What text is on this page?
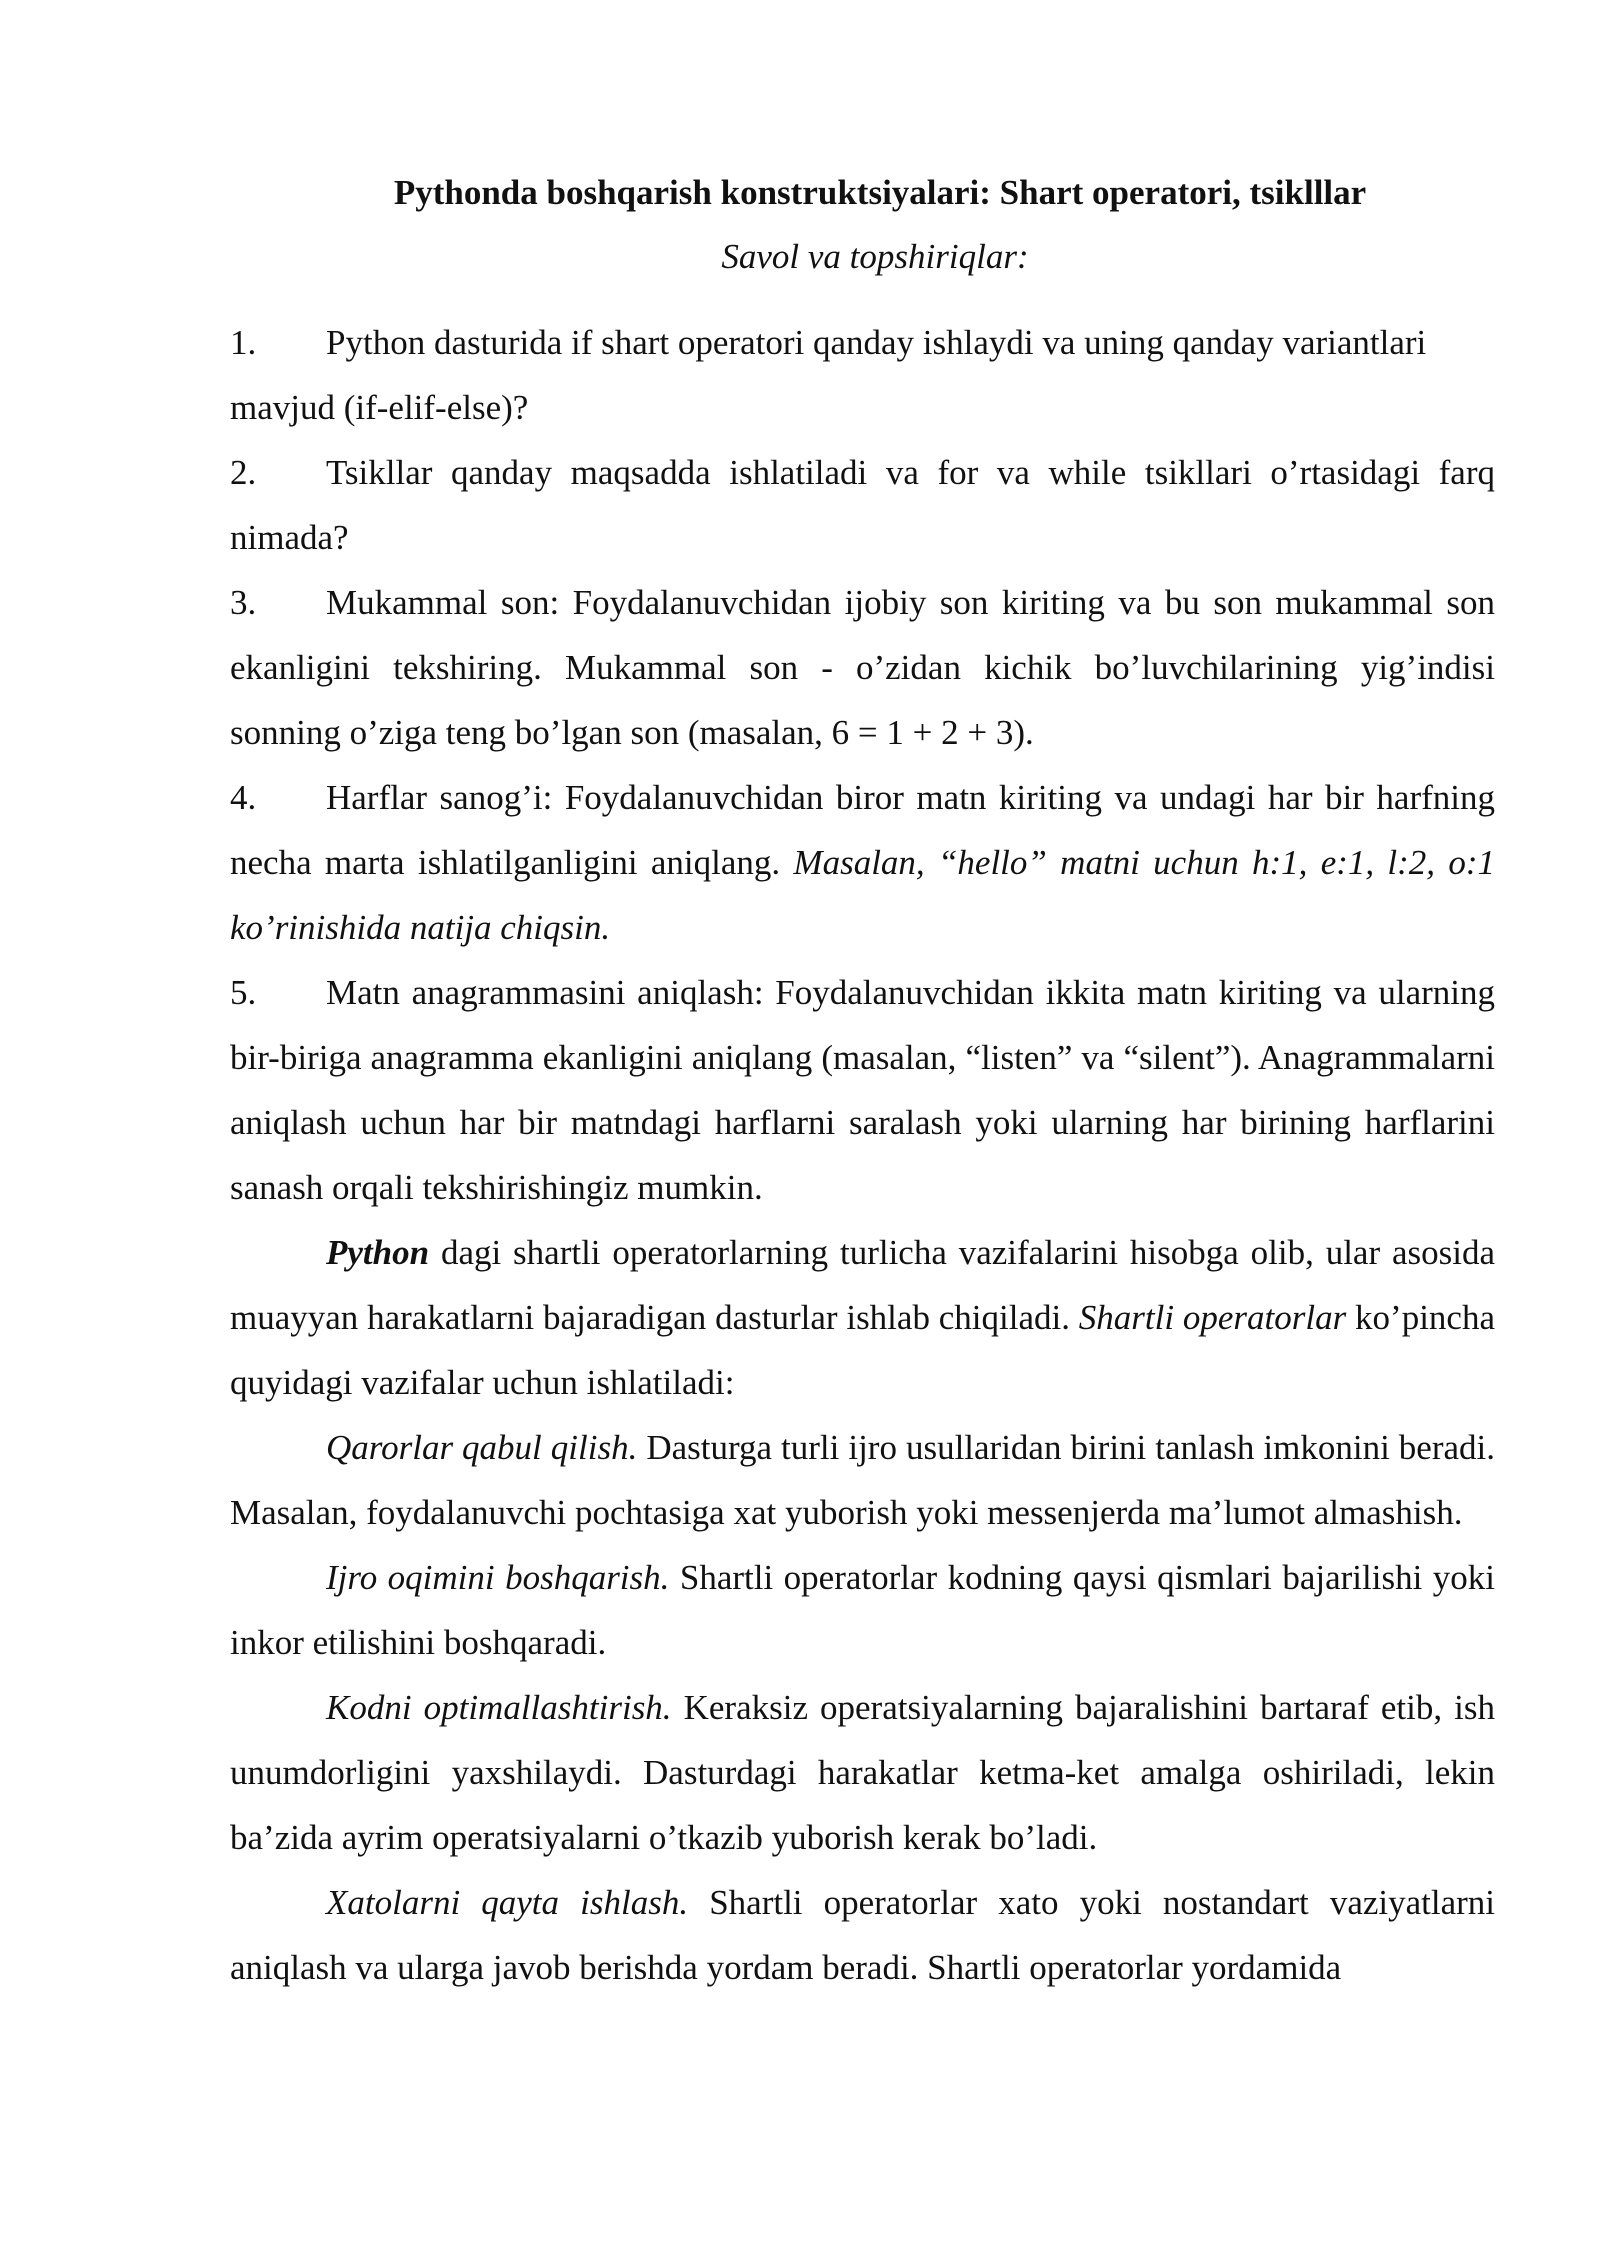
Pythonda boshqarish konstruktsiyalari: Shart operatori, tsiklllar

Savol va topshiriqlar:

1. Python dasturida if shart operatori qanday ishlaydi va uning qanday variantlari mavjud (if-elif-else)?
2. Tsikllar qanday maqsadda ishlatiladi va for va while tsikllari o’rtasidagi farq nimada?
3. Mukammal son: Foydalanuvchidan ijobiy son kiriting va bu son mukammal son ekanligini tekshiring. Mukammal son - o’zidan kichik bo’luvchilarining yig’indisi sonning o’ziga teng bo’lgan son (masalan, 6 = 1 + 2 + 3).
4. Harflar sanog’i: Foydalanuvchidan biror matn kiriting va undagi har bir harfning necha marta ishlatilganligini aniqlang. Masalan, “hello” matni uchun h:1, e:1, l:2, o:1 ko’rinishida natija chiqsin.
5. Matn anagrammasini aniqlash: Foydalanuvchidan ikkita matn kiriting va ularning bir-biriga anagramma ekanligini aniqlang (masalan, “listen” va “silent”). Anagrammalarni aniqlash uchun har bir matndagi harflarni saralash yoki ularning har birining harflarini sanash orqali tekshirishingiz mumkin.

Python dagi shartli operatorlarning turlicha vazifalarini hisobga olib, ular asosida muayyan harakatlarni bajaradigan dasturlar ishlab chiqiladi. Shartli operatorlar ko’pincha quyidagi vazifalar uchun ishlatiladi:

Qarorlar qabul qilish. Dasturga turli ijro usullaridan birini tanlash imkonini beradi. Masalan, foydalanuvchi pochtasiga xat yuborish yoki messenjerda ma’lumot almashish.

Ijro oqimini boshqarish. Shartli operatorlar kodning qaysi qismlari bajarilishi yoki inkor etilishini boshqaradi.

Kodni optimallashtirish. Keraksiz operatsiyalarning bajaralishini bartaraf etib, ish unumdorligini yaxshilaydi. Dasturdagi harakatlar ketma-ket amalga oshiriladi, lekin ba’zida ayrim operatsiyalarni o’tkazib yuborish kerak bo’ladi.

Xatolarni qayta ishlash. Shartli operatorlar xato yoki nostandart vaziyatlarni aniqlash va ularga javob berishda yordam beradi. Shartli operatorlar yordamida
